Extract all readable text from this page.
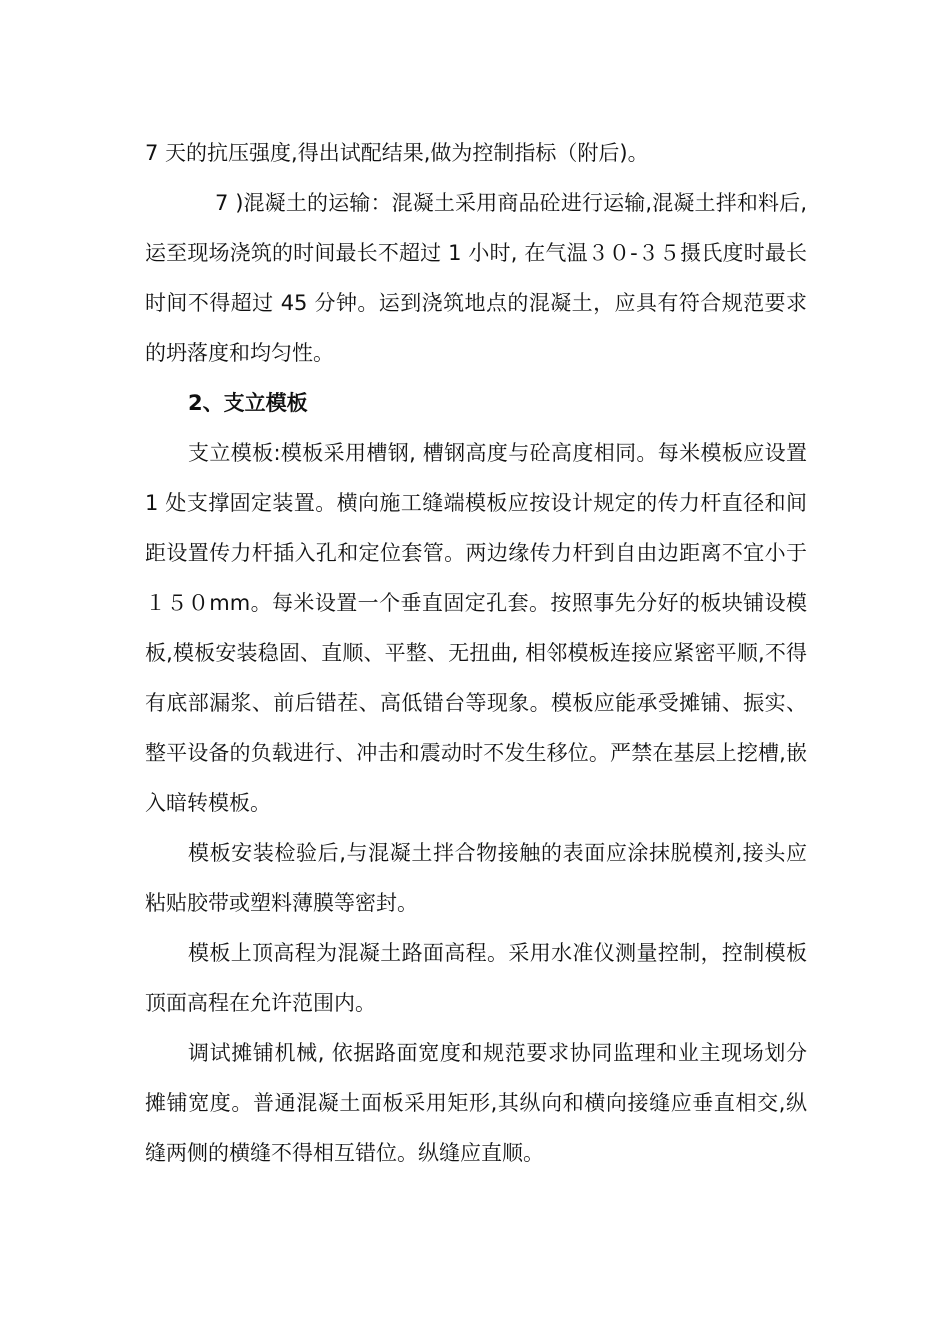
7 天的抗压强度,得出试配结果,做为控制指标（附后)。

7 )混凝土的运输：混凝土采用商品砼进行运输,混凝土拌和料后, 运至现场浇筑的时间最长不超过 1 小时, 在气温３０-３５摄氏度时最长时间不得超过 45 分钟。运到浇筑地点的混凝土，应具有符合规范要求的坍落度和均匀性。

2、支立模板

支立模板:模板采用槽钢, 槽钢高度与砼高度相同。每米模板应设置 1 处支撑固定装置。横向施工缝端模板应按设计规定的传力杆直径和间距设置传力杆插入孔和定位套管。两边缘传力杆到自由边距离不宜小于１５０mm。每米设置一个垂直固定孔套。按照事先分好的板块铺设模板,模板安装稳固、直顺、平整、无扭曲, 相邻模板连接应紧密平顺,不得有底部漏浆、前后错茬、高低错台等现象。模板应能承受摊铺、振实、整平设备的负载进行、冲击和震动时不发生移位。严禁在基层上挖槽,嵌入暗转模板。

模板安装检验后,与混凝土拌合物接触的表面应涂抹脱模剂,接头应粘贴胶带或塑料薄膜等密封。

模板上顶高程为混凝土路面高程。采用水准仪测量控制，控制模板顶面高程在允许范围内。

调试摊铺机械, 依据路面宽度和规范要求协同监理和业主现场划分摊铺宽度。普通混凝土面板采用矩形,其纵向和横向接缝应垂直相交,纵缝两侧的横缝不得相互错位。纵缝应直顺。
